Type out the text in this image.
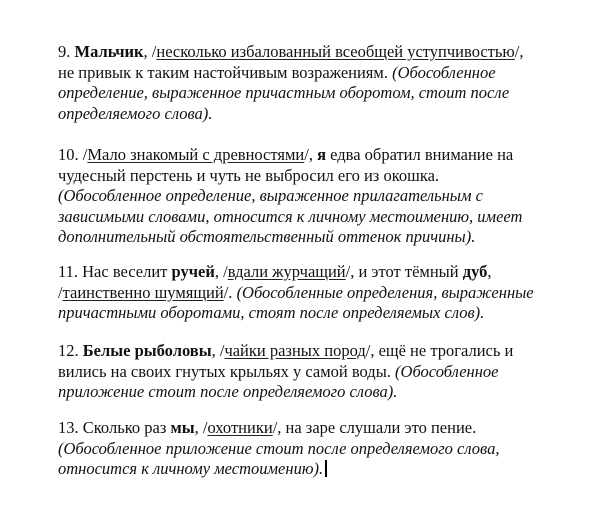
9. Мальчик, /несколько избалованный всеобщей уступчивостью/,
не привык к таким настойчивым возражениям. (Обособленное
определение, выраженное причастным оборотом, стоит после
определяемого слова).
10. /Мало знакомый с древностями/, я едва обратил внимание на
чудесный перстень и чуть не выбросил его из окошка.
(Обособленное определение, выраженное прилагательным с
зависимыми словами, относится к личному местоимению, имеет
дополнительный обстоятельственный оттенок причины).
11. Нас веселит ручей, /вдали журчащий/, и этот тёмный дуб,
/таинственно шумящий/. (Обособленные определения, выраженные
причастными оборотами, стоят после определяемых слов).
12. Белые рыболовы, /чайки разных пород/, ещё не трогались и
вились на своих гнутых крыльях у самой воды. (Обособленное
приложение стоит после определяемого слова).
13. Сколько раз мы, /охотники/, на заре слушали это пение.
(Обособленное приложение стоит после определяемого слова,
относится к личному местоимению).
